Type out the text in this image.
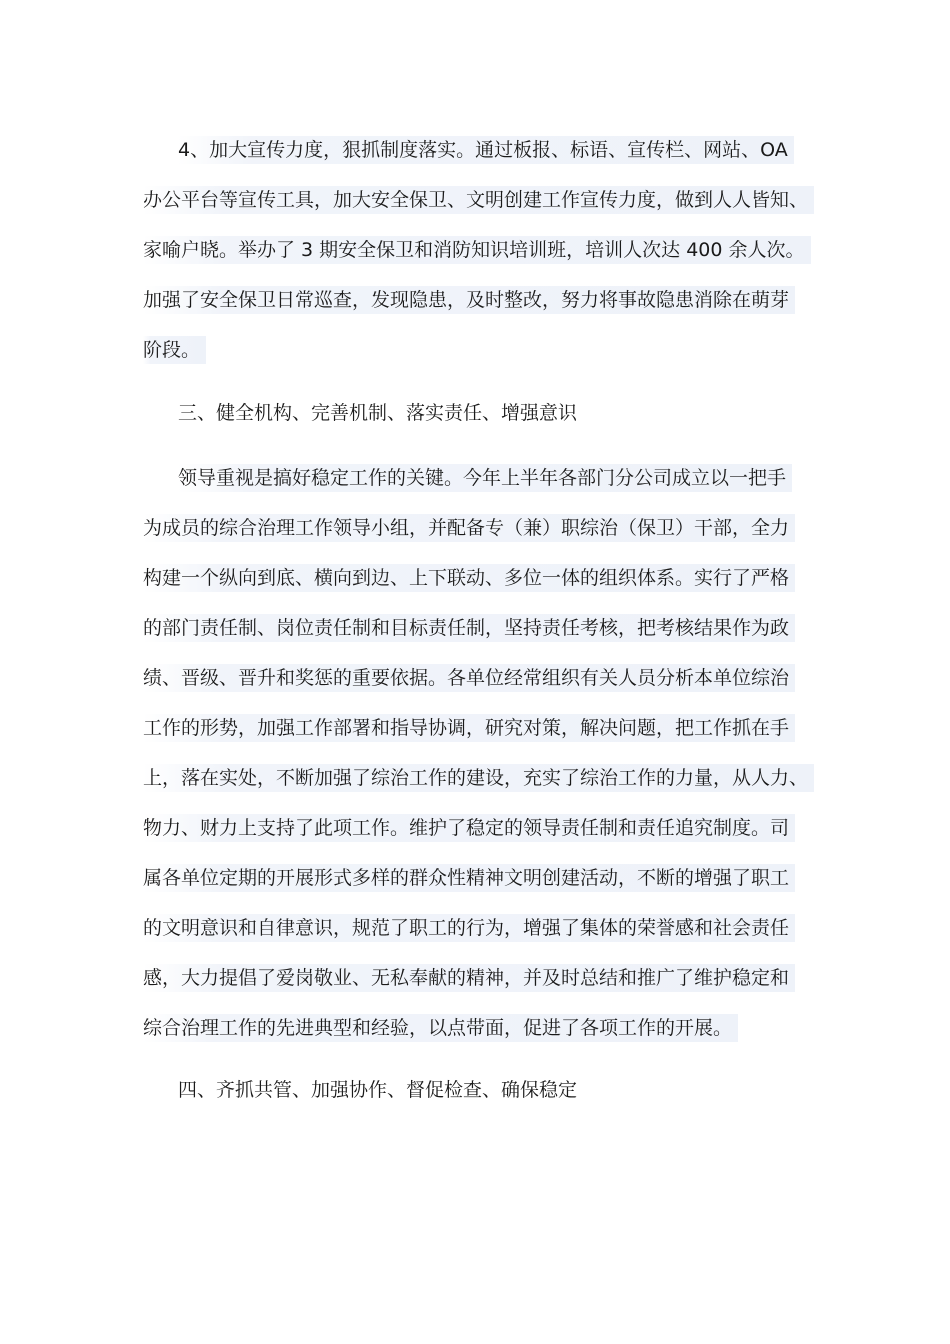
4、加大宣传力度，狠抓制度落实。通过板报、标语、宣传栏、网站、OA
办公平台等宣传工具，加大安全保卫、文明创建工作宣传力度，做到人人皆知、
家喻户晓。举办了 3 期安全保卫和消防知识培训班，培训人次达 400 余人次。
加强了安全保卫日常巡查，发现隐患，及时整改，努力将事故隐患消除在萌芽
阶段。
三、健全机构、完善机制、落实责任、增强意识
领导重视是搞好稳定工作的关键。今年上半年各部门分公司成立以一把手
为成员的综合治理工作领导小组，并配备专（兼）职综治（保卫）干部，全力
构建一个纵向到底、横向到边、上下联动、多位一体的组织体系。实行了严格
的部门责任制、岗位责任制和目标责任制，坚持责任考核，把考核结果作为政
绩、晋级、晋升和奖惩的重要依据。各单位经常组织有关人员分析本单位综治
工作的形势，加强工作部署和指导协调，研究对策，解决问题，把工作抓在手
上，落在实处，不断加强了综治工作的建设，充实了综治工作的力量，从人力、
物力、财力上支持了此项工作。维护了稳定的领导责任制和责任追究制度。司
属各单位定期的开展形式多样的群众性精神文明创建活动，不断的增强了职工
的文明意识和自律意识，规范了职工的行为，增强了集体的荣誉感和社会责任
感，大力提倡了爱岗敬业、无私奉献的精神，并及时总结和推广了维护稳定和
综合治理工作的先进典型和经验，以点带面，促进了各项工作的开展。
四、齐抓共管、加强协作、督促检查、确保稳定
